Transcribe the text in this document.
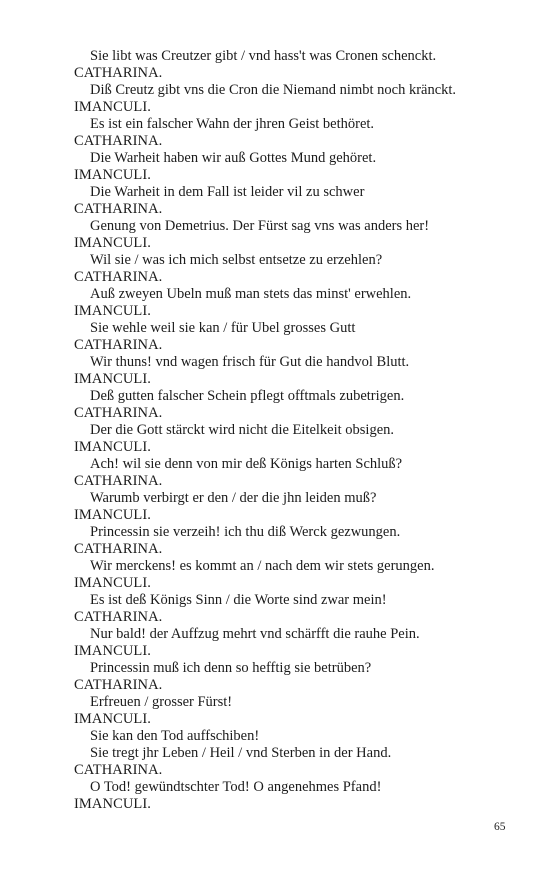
Sie libt was Creutzer gibt / vnd hass't was Cronen schenckt.
CATHARINA.
Diß Creutz gibt vns die Cron die Niemand nimbt noch kränckt.
IMANCULI.
Es ist ein falscher Wahn der jhren Geist bethöret.
CATHARINA.
Die Warheit haben wir auß Gottes Mund gehöret.
IMANCULI.
Die Warheit in dem Fall ist leider vil zu schwer
CATHARINA.
Genung von Demetrius. Der Fürst sag vns was anders her!
IMANCULI.
Wil sie / was ich mich selbst entsetze zu erzehlen?
CATHARINA.
Auß zweyen Ubeln muß man stets das minst' erwehlen.
IMANCULI.
Sie wehle weil sie kan / für Ubel grosses Gutt
CATHARINA.
Wir thuns! vnd wagen frisch für Gut die handvol Blutt.
IMANCULI.
Deß gutten falscher Schein pflegt offtmals zubetrigen.
CATHARINA.
Der die Gott stärckt wird nicht die Eitelkeit obsigen.
IMANCULI.
Ach! wil sie denn von mir deß Königs harten Schluß?
CATHARINA.
Warumb verbirgt er den / der die jhn leiden muß?
IMANCULI.
Princessin sie verzeih! ich thu diß Werck gezwungen.
CATHARINA.
Wir merckens! es kommt an / nach dem wir stets gerungen.
IMANCULI.
Es ist deß Königs Sinn / die Worte sind zwar mein!
CATHARINA.
Nur bald! der Auffzug mehrt vnd schärfft die rauhe Pein.
IMANCULI.
Princessin muß ich denn so hefftig sie betrüben?
CATHARINA.
Erfreuen / grosser Fürst!
IMANCULI.
Sie kan den Tod auffschiben!
Sie tregt jhr Leben / Heil / vnd Sterben in der Hand.
CATHARINA.
O Tod! gewündtschter Tod! O angenehmes Pfand!
IMANCULI.
65
